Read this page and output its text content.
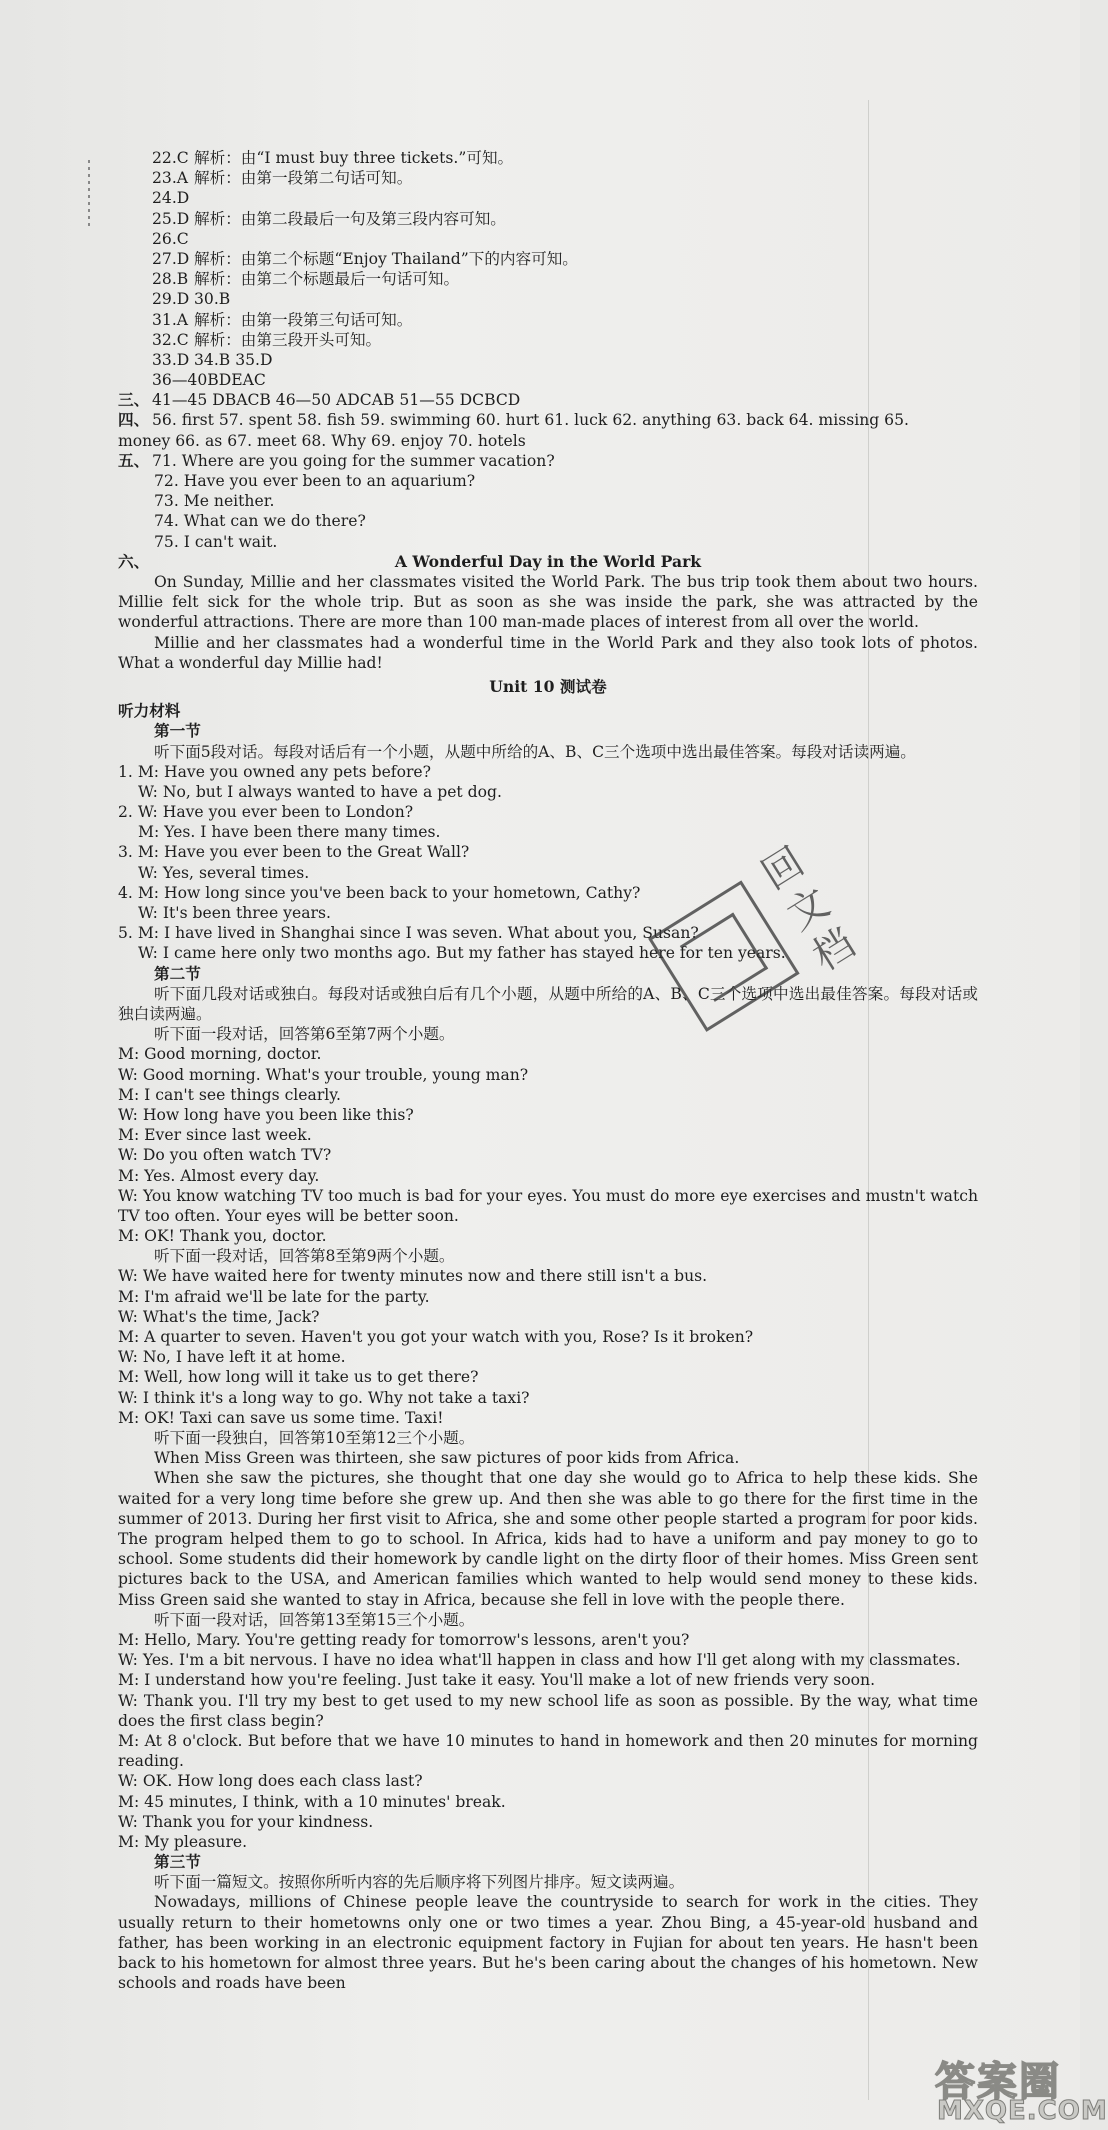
22.C 解析：由“I must buy three tickets.”可知。
23.A 解析：由第一段第二句话可知。
24.D
25.D 解析：由第二段最后一句及第三段内容可知。
26.C
27.D 解析：由第二个标题“Enjoy Thailand”下的内容可知。
28.B 解析：由第二个标题最后一句话可知。
29.D 30.B
31.A 解析：由第一段第三句话可知。
32.C 解析：由第三段开头可知。
33.D 34.B 35.D
36—40BDEAC
三、 41—45 DBACB 46—50 ADCAB 51—55 DCBCD
四、 56. first 57. spent 58. fish 59. swimming 60. hurt 61. luck 62. anything 63. back 64. missing 65.
money 66. as 67. meet 68. Why 69. enjoy 70. hotels
五、 71. Where are you going for the summer vacation?
72. Have you ever been to an aquarium?
73. Me neither.
74. What can we do there?
75. I can't wait.
六、	A Wonderful Day in the World Park

On Sunday, Millie and her classmates visited the World Park. The bus trip took them about two hours. Millie felt sick for the whole trip. But as soon as she was inside the park, she was attracted by the wonderful attractions. There are more than 100 man-made places of interest from all over the world.

Millie and her classmates had a wonderful time in the World Park and they also took lots of photos. What a wonderful day Millie had!

Unit 10 测试卷
听力材料
第一节

听下面5段对话。每段对话后有一个小题，从题中所给的A、B、C三个选项中选出最佳答案。每段对话读两遍。

1. M: Have you owned any pets before?
W: No, but I always wanted to have a pet dog.
2. W: Have you ever been to London?
M: Yes. I have been there many times.
3. M: Have you ever been to the Great Wall?
W: Yes, several times.
4. M: How long since you've been back to your hometown, Cathy?
W: It's been three years.
5. M: I have lived in Shanghai since I was seven. What about you, Susan?
W: I came here only two months ago. But my father has stayed here for ten years.
第二节

听下面几段对话或独白。每段对话或独白后有几个小题，从题中所给的A、B、C三个选项中选出最佳答案。每段对话或独白读两遍。

听下面一段对话，回答第6至第7两个小题。
M: Good morning, doctor.
W: Good morning. What's your trouble, young man?
M: I can't see things clearly.
W: How long have you been like this?
M: Ever since last week.
W: Do you often watch TV?
M: Yes. Almost every day.

W: You know watching TV too much is bad for your eyes. You must do more eye exercises and mustn't watch TV too often. Your eyes will be better soon.

M: OK! Thank you, doctor.
听下面一段对话，回答第8至第9两个小题。
W: We have waited here for twenty minutes now and there still isn't a bus.
M: I'm afraid we'll be late for the party.
W: What's the time, Jack?
M: A quarter to seven. Haven't you got your watch with you, Rose? Is it broken?
W: No, I have left it at home.
M: Well, how long will it take us to get there?
W: I think it's a long way to go. Why not take a taxi?
M: OK! Taxi can save us some time. Taxi!
听下面一段独白，回答第10至第12三个小题。

When Miss Green was thirteen, she saw pictures of poor kids from Africa.

When she saw the pictures, she thought that one day she would go to Africa to help these kids. She waited for a very long time before she grew up. And then she was able to go there for the first time in the summer of 2013. During her first visit to Africa, she and some other people started a program for poor kids. The program helped them to go to school. In Africa, kids had to have a uniform and pay money to go to school. Some students did their homework by candle light on the dirty floor of their homes. Miss Green sent pictures back to the USA, and American families which wanted to help would send money to these kids. Miss Green said she wanted to stay in Africa, because she fell in love with the people there.

听下面一段对话，回答第13至第15三个小题。
M: Hello, Mary. You're getting ready for tomorrow's lessons, aren't you?
W: Yes. I'm a bit nervous. I have no idea what'll happen in class and how I'll get along with my classmates.
M: I understand how you're feeling. Just take it easy. You'll make a lot of new friends very soon.

W: Thank you. I'll try my best to get used to my new school life as soon as possible. By the way, what time does the first class begin?

M: At 8 o'clock. But before that we have 10 minutes to hand in homework and then 20 minutes for morning reading.

W: OK. How long does each class last?
M: 45 minutes, I think, with a 10 minutes' break.
W: Thank you for your kindness.
M: My pleasure.
第三节
听下面一篇短文。按照你所听内容的先后顺序将下列图片排序。短文读两遍。

Nowadays, millions of Chinese people leave the countryside to search for work in the cities. They usually return to their hometowns only one or two times a year. Zhou Bing, a 45-year-old husband and father, has been working in an electronic equipment factory in Fujian for about ten years. He hasn't been back to his hometown for almost three years. But he's been caring about the changes of his hometown. New schools and roads have been

回文档
答案圈
MXQE.COM
